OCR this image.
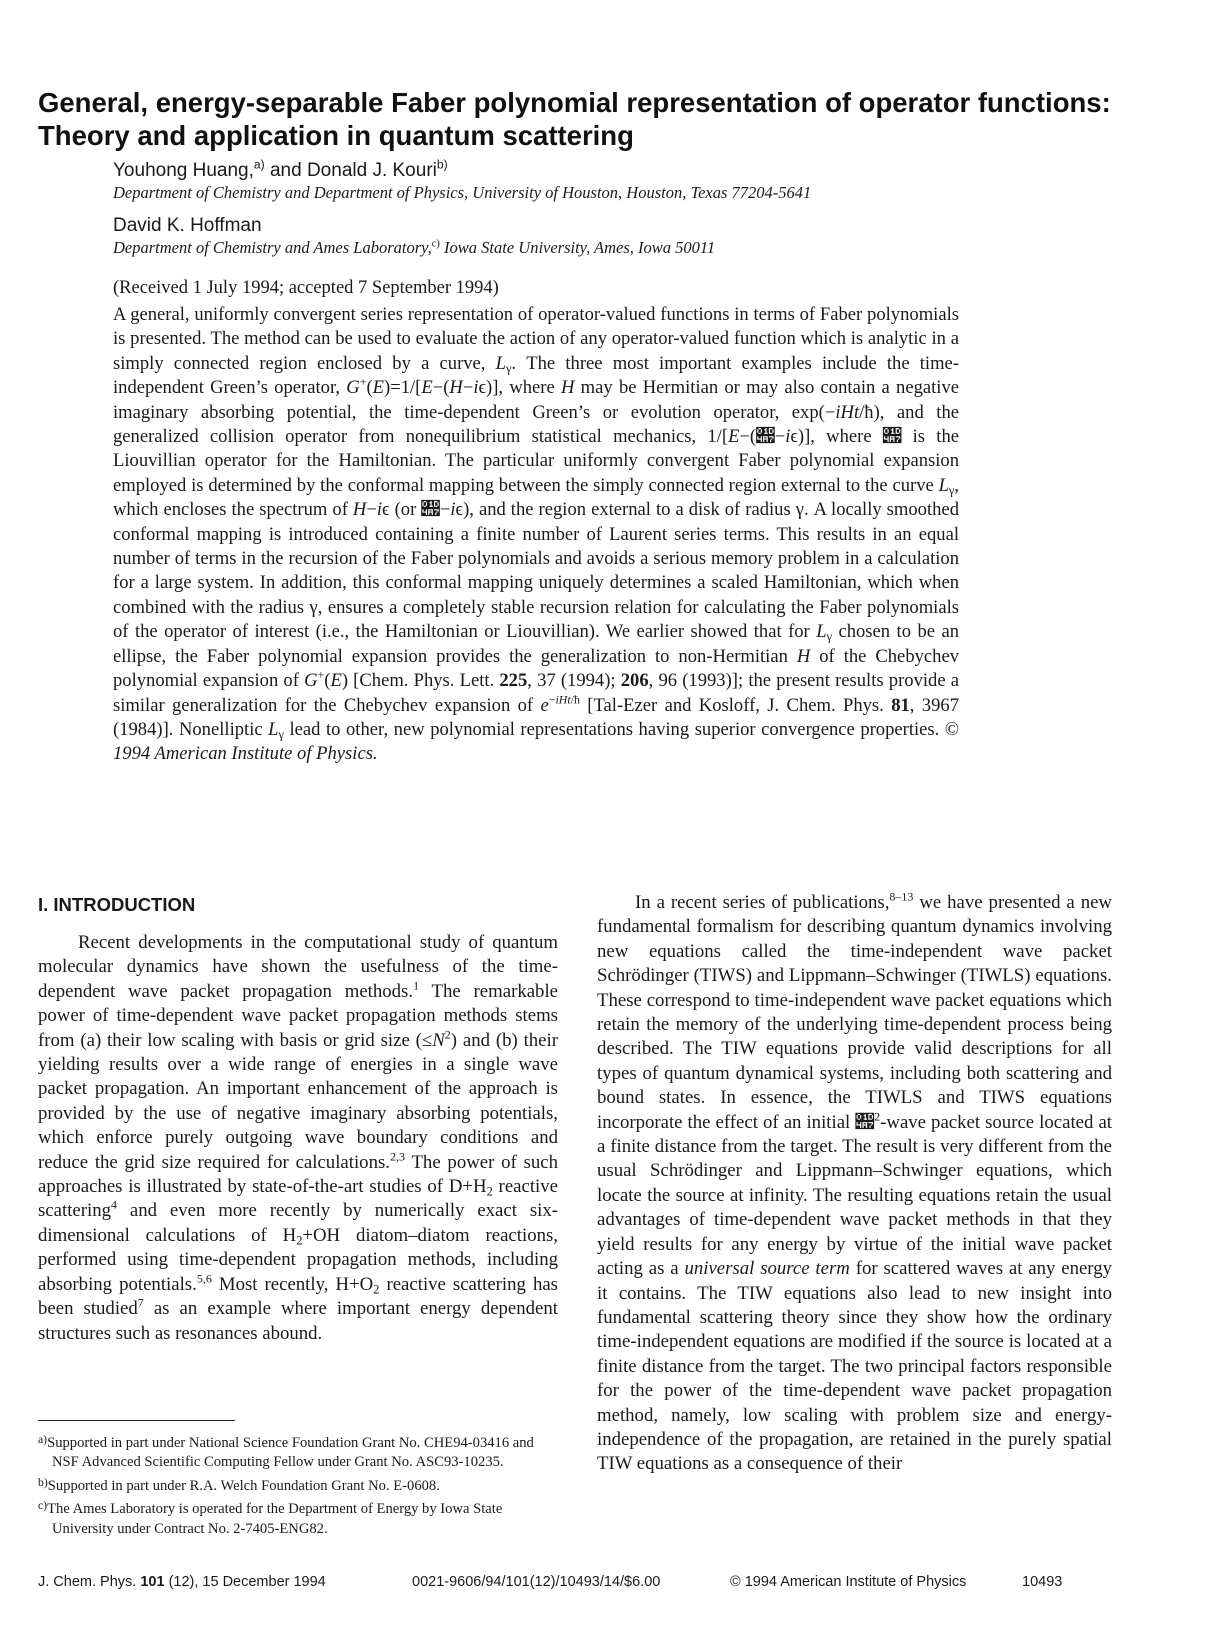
General, energy-separable Faber polynomial representation of operator functions: Theory and application in quantum scattering
Youhong Huang,$^{a)}$ and Donald J. Kouri$^{b)}$
Department of Chemistry and Department of Physics, University of Houston, Houston, Texas 77204-5641
David K. Hoffman
Department of Chemistry and Ames Laboratory,$^{c)}$ Iowa State University, Ames, Iowa 50011
(Received 1 July 1994; accepted 7 September 1994)

A general, uniformly convergent series representation of operator-valued functions in terms of Faber polynomials is presented. The method can be used to evaluate the action of any operator-valued function which is analytic in a simply connected region enclosed by a curve, $L_\gamma$. The three most important examples include the time-independent Green’s operator, G+(E)=1/[E−(H−iϵ)], where H may be Hermitian or may also contain a negative imaginary absorbing potential, the time-dependent Green’s or evolution operator, exp(−iHt/ħ), and the generalized collision operator from nonequilibrium statistical mechanics, 1/[E−(𝒧−iϵ)], where 𝒧 is the Liouvillian operator for the Hamiltonian. The particular uniformly convergent Faber polynomial expansion employed is determined by the conformal mapping between the simply connected region external to the curve $L_\gamma$, which encloses the spectrum of H−iϵ (or 𝒧−iϵ), and the region external to a disk of radius γ. A locally smoothed conformal mapping is introduced containing a finite number of Laurent series terms. This results in an equal number of terms in the recursion of the Faber polynomials and avoids a serious memory problem in a calculation for a large system. In addition, this conformal mapping uniquely determines a scaled Hamiltonian, which when combined with the radius γ, ensures a completely stable recursion relation for calculating the Faber polynomials of the operator of interest (i.e., the Hamiltonian or Liouvillian). We earlier showed that for $L_\gamma$ chosen to be an ellipse, the Faber polynomial expansion provides the generalization to non-Hermitian H of the Chebychev polynomial expansion of G+(E) [Chem. Phys. Lett. 225, 37 (1994); 206, 96 (1993)]; the present results provide a similar generalization for the Chebychev expansion of $e^{-iHt/ħ}$ [Tal-Ezer and Kosloff, J. Chem. Phys. 81, 3967 (1984)]. Nonelliptic $L_\gamma$ lead to other, new polynomial representations having superior convergence properties. © 1994 American Institute of Physics.

I. INTRODUCTION

Recent developments in the computational study of quantum molecular dynamics have shown the usefulness of the time-dependent wave packet propagation methods.$^1$ The remarkable power of time-dependent wave packet propagation methods stems from (a) their low scaling with basis or grid size $(\le N^2)$ and (b) their yielding results over a wide range of energies in a single wave packet propagation. An important enhancement of the approach is provided by the use of negative imaginary absorbing potentials, which enforce purely outgoing wave boundary conditions and reduce the grid size required for calculations.$^{2,3}$ The power of such approaches is illustrated by state-of-the-art studies of $D+H_2$ reactive scattering$^4$ and even more recently by numerically exact six-dimensional calculations of $H_2+OH$ diatom–diatom reactions, performed using time-dependent propagation methods, including absorbing potentials.$^{5,6}$ Most recently, $H+O_2$ reactive scattering has been studied$^7$ as an example where important energy dependent structures such as resonances abound.

In a recent series of publications,$^{8-13}$ we have presented a new fundamental formalism for describing quantum dynamics involving new equations called the time-independent wave packet Schrödinger (TIWS) and Lippmann–Schwinger (TIWLS) equations. These correspond to time-independent wave packet equations which retain the memory of the underlying time-dependent process being described. The TIW equations provide valid descriptions for all types of quantum dynamical systems, including both scattering and bound states. In essence, the TIWLS and TIWS equations incorporate the effect of an initial 𝒧$^2$-wave packet source located at a finite distance from the target. The result is very different from the usual Schrödinger and Lippmann–Schwinger equations, which locate the source at infinity. The resulting equations retain the usual advantages of time-dependent wave packet methods in that they yield results for any energy by virtue of the initial wave packet acting as a universal source term for scattered waves at any energy it contains. The TIW equations also lead to new insight into fundamental scattering theory since they show how the ordinary time-independent equations are modified if the source is located at a finite distance from the target. The two principal factors responsible for the power of the time-dependent wave packet propagation method, namely, low scaling with problem size and energy-independence of the propagation, are retained in the purely spatial TIW equations as a consequence of their

$^{a)}$Supported in part under National Science Foundation Grant No. CHE94-03416 and NSF Advanced Scientific Computing Fellow under Grant No. ASC93-10235.

$^{b)}$Supported in part under R.A. Welch Foundation Grant No. E-0608.

$^{c)}$The Ames Laboratory is operated for the Department of Energy by Iowa State University under Contract No. 2-7405-ENG82.

J. Chem. Phys. 101 (12), 15 December 1994	0021-9606/94/101(12)/10493/14/$6.00	© 1994 American Institute of Physics	10493
